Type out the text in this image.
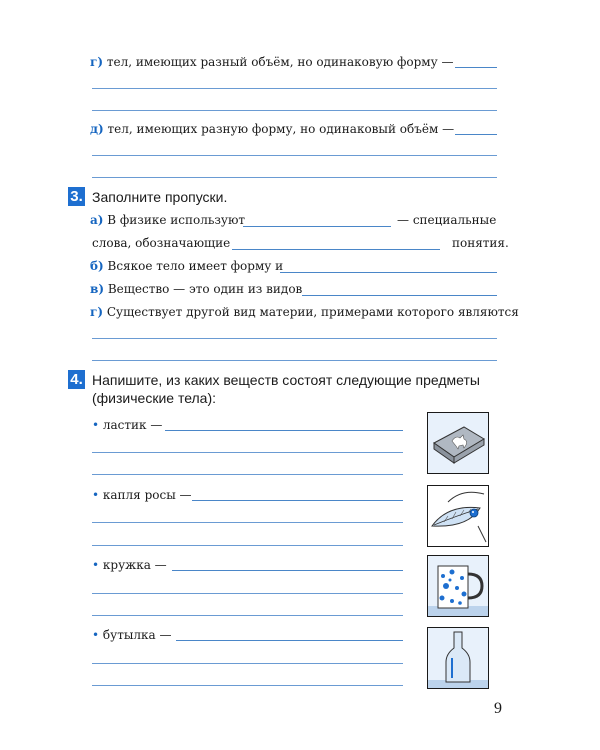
г) тел, имеющих разный объём, но одинаковую форму —
д) тел, имеющих разную форму, но одинаковый объём —
3. Заполните пропуски.
а) В физике используют	— специальные
слова, обозначающие	понятия.
б) Всякое тело имеет форму и
в) Вещество — это один из видов
г) Существует другой вид материи, примерами которого являются
4. Напишите, из каких веществ состоят следующие предметы
(физические тела):
• ластик —
• капля росы —
• кружка —
• бутылка —
9
